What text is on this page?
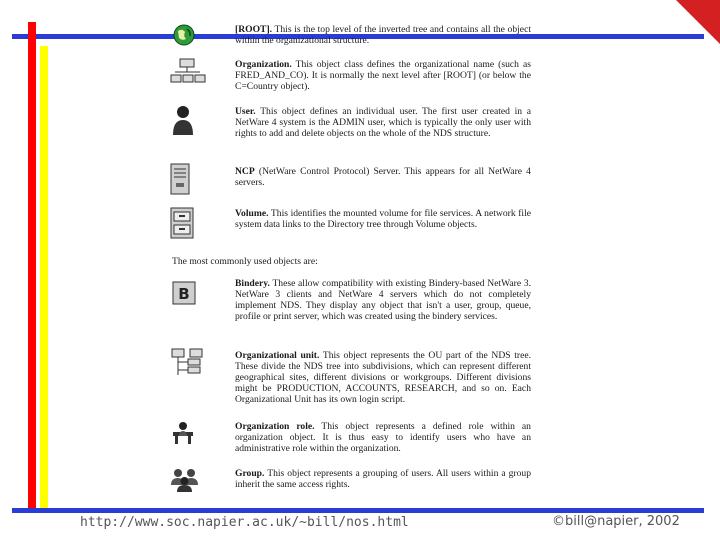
B
[ROOT]. This is the top level of the inverted tree and contains all the object within the organizational structure.
Organization. This object class defines the organizational name (such as FRED_AND_CO). It is normally the next level after [ROOT] (or below the C=Country object).
User. This object defines an individual user. The first user created in a NetWare 4 system is the ADMIN user, which is typically the only user with rights to add and delete objects on the whole of the NDS structure.
NCP (NetWare Control Protocol) Server. This appears for all NetWare 4 servers.
Volume. This identifies the mounted volume for file services. A network file system data links to the Directory tree through Volume objects.
The most commonly used objects are:
Bindery. These allow compatibility with existing Bindery-based NetWare 3. NetWare 3 clients and NetWare 4 servers which do not completely implement NDS. They display any object that isn't a user, group, queue, profile or print server, which was created using the bindery services.
Organizational unit. This object represents the OU part of the NDS tree. These divide the NDS tree into subdivisions, which can represent different geographical sites, different divisions or workgroups. Different divisions might be PRODUCTION, ACCOUNTS, RESEARCH, and so on. Each Organizational Unit has its own login script.
Organization role. This object represents a defined role within an organization object. It is thus easy to identify users who have an administrative role within the organization.
Group. This object represents a grouping of users. All users within a group inherit the same access rights.
http://www.soc.napier.ac.uk/~bill/nos.html	©bill@napier, 2002
